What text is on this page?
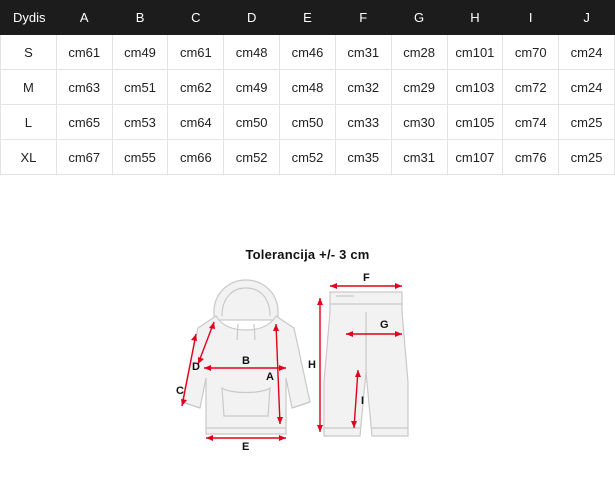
Dydis	A	B	C	D	E	F	G	H	I	J
S	cm61	cm49	cm61	cm48	cm46	cm31	cm28	cm101	cm70	cm24
M	cm63	cm51	cm62	cm49	cm48	cm32	cm29	cm103	cm72	cm24
L	cm65	cm53	cm64	cm50	cm50	cm33	cm30	cm105	cm74	cm25
XL	cm67	cm55	cm66	cm52	cm52	cm35	cm31	cm107	cm76	cm25
Tolerancija +/- 3 cm
A
B
C
D
E
F
G
H
I
